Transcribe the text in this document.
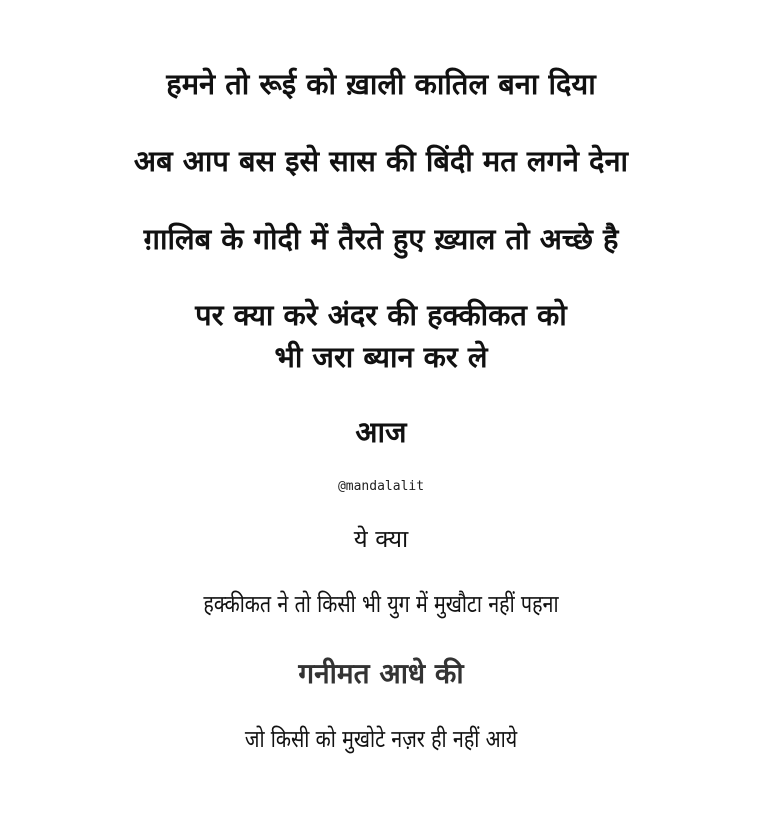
हमने तो रूई को ख़ाली कातिल बना दिया
अब आप बस इसे सास की बिंदी मत लगने देना
ग़ालिब के गोदी में तैरते हुए ख़्याल तो अच्छे है
पर क्या करे अंदर की हक्कीकत को
भी जरा ब्यान कर ले
आज
@mandalalit
ये क्या
हक्कीकत ने तो किसी भी युग में मुखौटा नहीं पहना
गनीमत आधे की
जो किसी को मुखोटे नज़र ही नहीं आये
